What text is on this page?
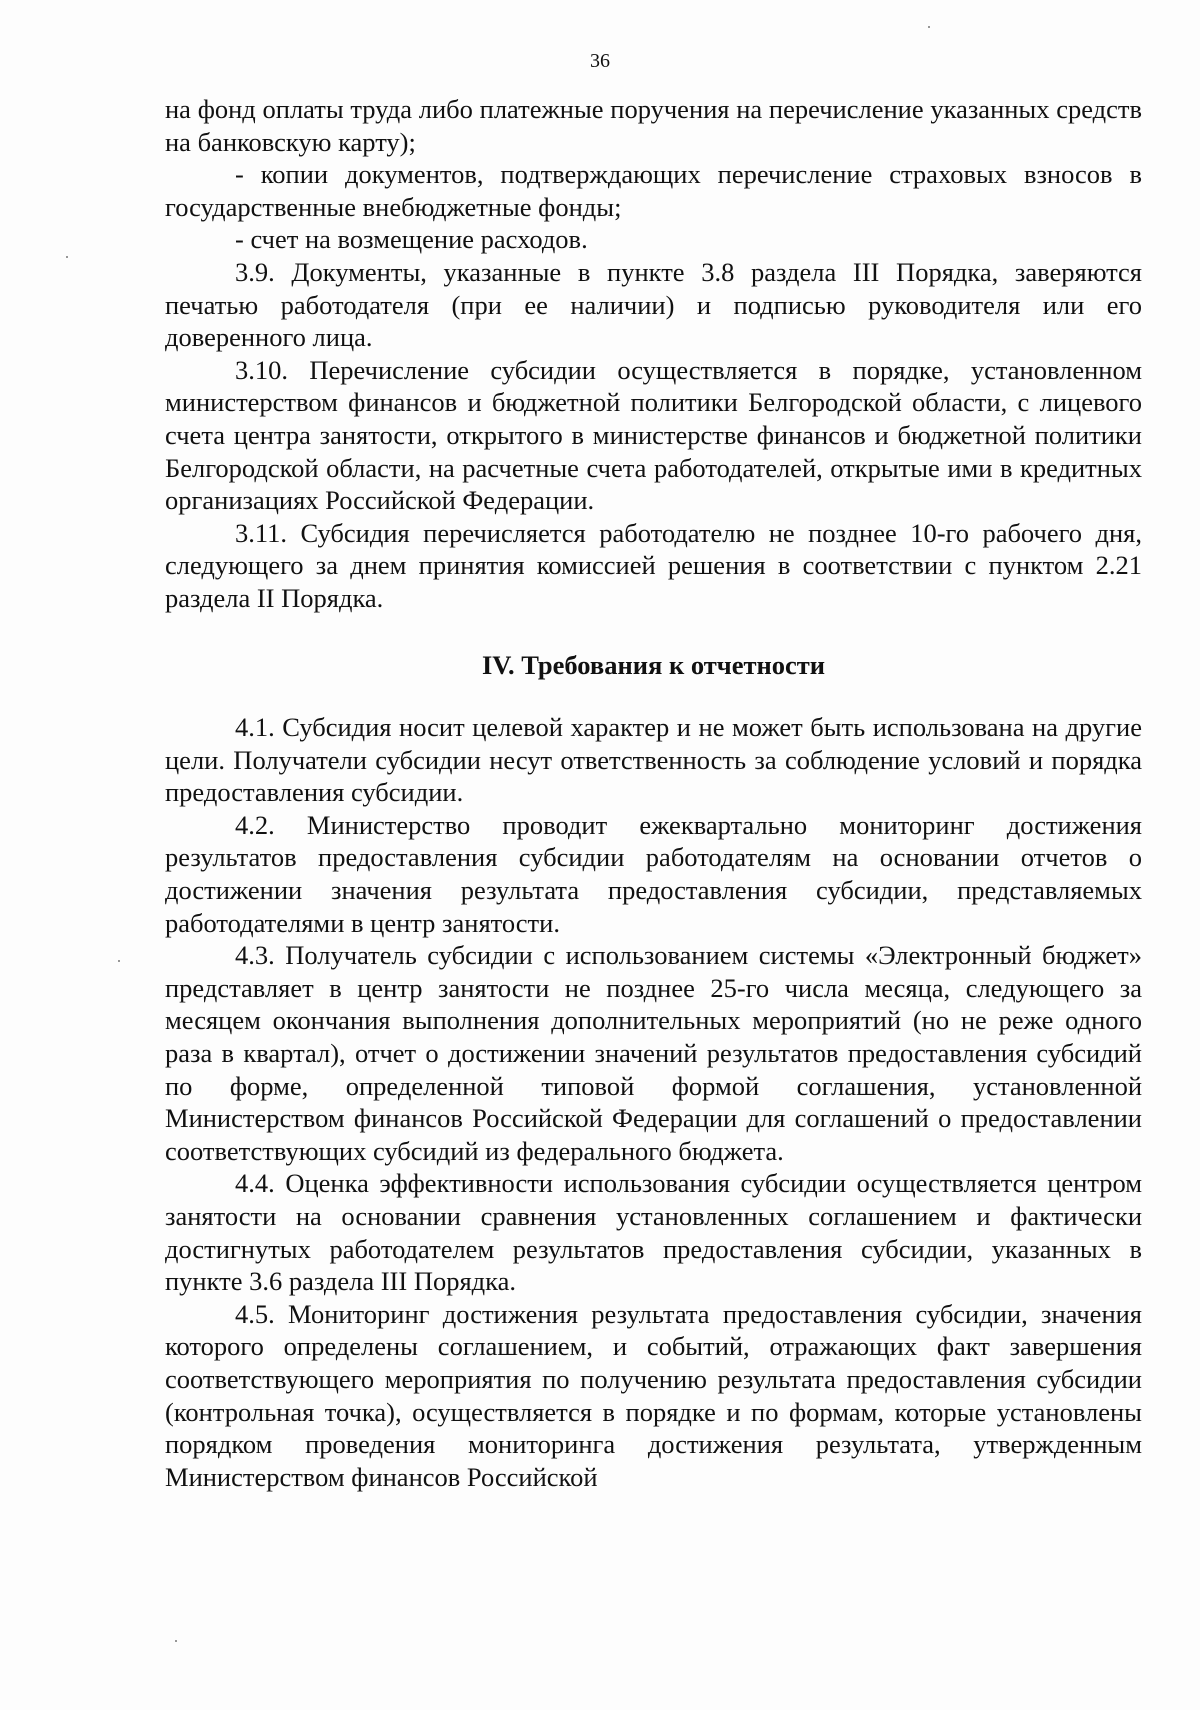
36

на фонд оплаты труда либо платежные поручения на перечисление указанных средств на банковскую карту);

- копии документов, подтверждающих перечисление страховых взносов в государственные внебюджетные фонды;

- счет на возмещение расходов.

3.9. Документы, указанные в пункте 3.8 раздела III Порядка, заверяются печатью работодателя (при ее наличии) и подписью руководителя или его доверенного лица.

3.10. Перечисление субсидии осуществляется в порядке, установленном министерством финансов и бюджетной политики Белгородской области, с лицевого счета центра занятости, открытого в министерстве финансов и бюджетной политики Белгородской области, на расчетные счета работодателей, открытые ими в кредитных организациях Российской Федерации.

3.11. Субсидия перечисляется работодателю не позднее 10-го рабочего дня, следующего за днем принятия комиссией решения в соответствии с пунктом 2.21 раздела II Порядка.

IV. Требования к отчетности

4.1. Субсидия носит целевой характер и не может быть использована на другие цели. Получатели субсидии несут ответственность за соблюдение условий и порядка предоставления субсидии.

4.2. Министерство проводит ежеквартально мониторинг достижения результатов предоставления субсидии работодателям на основании отчетов о достижении значения результата предоставления субсидии, представляемых работодателями в центр занятости.

4.3. Получатель субсидии с использованием системы «Электронный бюджет» представляет в центр занятости не позднее 25-го числа месяца, следующего за месяцем окончания выполнения дополнительных мероприятий (но не реже одного раза в квартал), отчет о достижении значений результатов предоставления субсидий по форме, определенной типовой формой соглашения, установленной Министерством финансов Российской Федерации для соглашений о предоставлении соответствующих субсидий из федерального бюджета.

4.4. Оценка эффективности использования субсидии осуществляется центром занятости на основании сравнения установленных соглашением и фактически достигнутых работодателем результатов предоставления субсидии, указанных в пункте 3.6 раздела III Порядка.

4.5. Мониторинг достижения результата предоставления субсидии, значения которого определены соглашением, и событий, отражающих факт завершения соответствующего мероприятия по получению результата предоставления субсидии (контрольная точка), осуществляется в порядке и по формам, которые установлены порядком проведения мониторинга достижения результата, утвержденным Министерством финансов Российской
